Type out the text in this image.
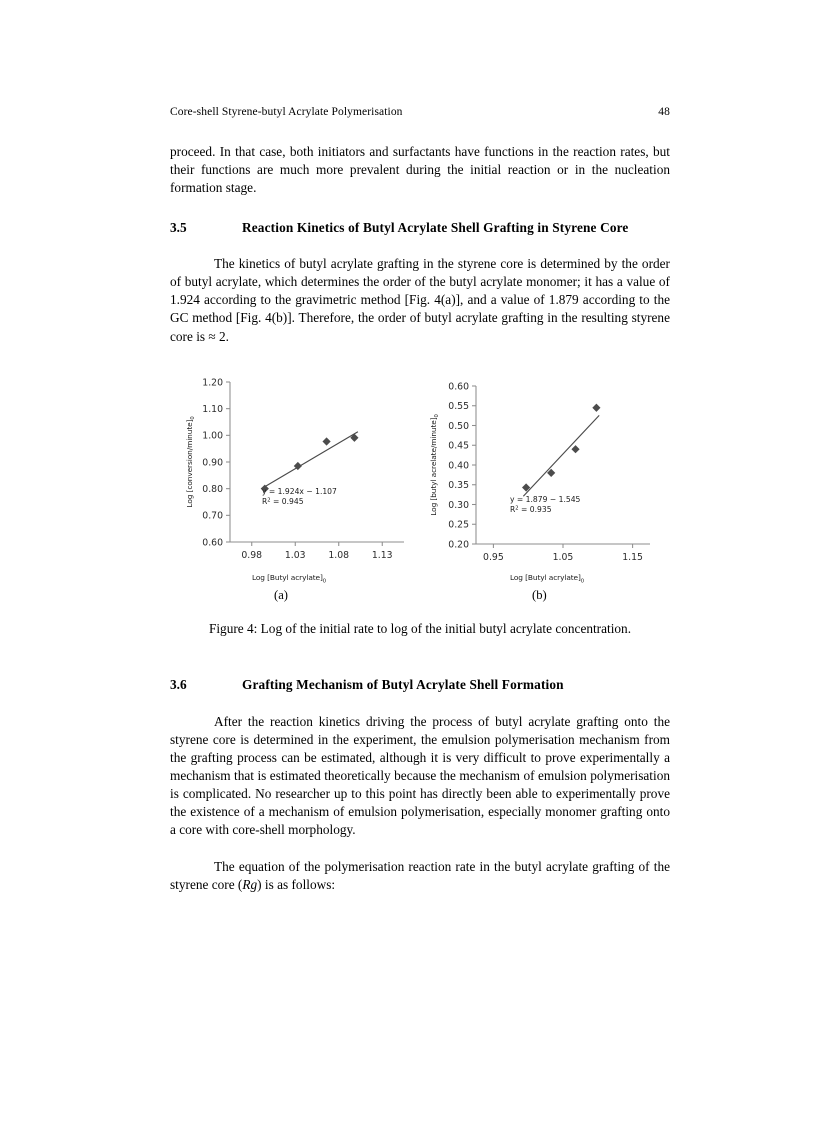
Core-shell Styrene-butyl Acrylate Polymerisation	48

proceed. In that case, both initiators and surfactants have functions in the reaction rates, but their functions are much more prevalent during the initial reaction or in the nucleation formation stage.

3.5	Reaction Kinetics of Butyl Acrylate Shell Grafting in Styrene Core

The kinetics of butyl acrylate grafting in the styrene core is determined by the order of butyl acrylate, which determines the order of the butyl acrylate monomer; it has a value of 1.924 according to the gravimetric method [Fig. 4(a)], and a value of 1.879 according to the GC method [Fig. 4(b)]. Therefore, the order of butyl acrylate grafting in the resulting styrene core is ≈ 2.

0.60
0.70
0.80
0.90
1.00
1.10
1.20
0.98 1.03 1.08 1.13
y = 1.924x − 1.107
$R^2 = 0.945$
Log $[conversion/minute]_0$
0.20
0.25
0.30
0.35
0.40
0.45
0.50
0.55
0.60
0.95	1.05	1.15
y = 1.879 − 1.545
$R^2 = 0.935$
Log [butyl acrelate/$minute]_0$
Log [Butyl $acrylate]_0$	Log [Butyl $acrylate]_0$
(a)	(b)
Figure 4: Log of the initial rate to log of the initial butyl acrylate concentration.
3.6	Grafting Mechanism of Butyl Acrylate Shell Formation

After the reaction kinetics driving the process of butyl acrylate grafting onto the styrene core is determined in the experiment, the emulsion polymerisation mechanism from the grafting process can be estimated, although it is very difficult to prove experimentally a mechanism that is estimated theoretically because the mechanism of emulsion polymerisation is complicated. No researcher up to this point has directly been able to experimentally prove the existence of a mechanism of emulsion polymerisation, especially monomer grafting onto a core with core-shell morphology.

The equation of the polymerisation reaction rate in the butyl acrylate grafting of the styrene core (Rg) is as follows:
